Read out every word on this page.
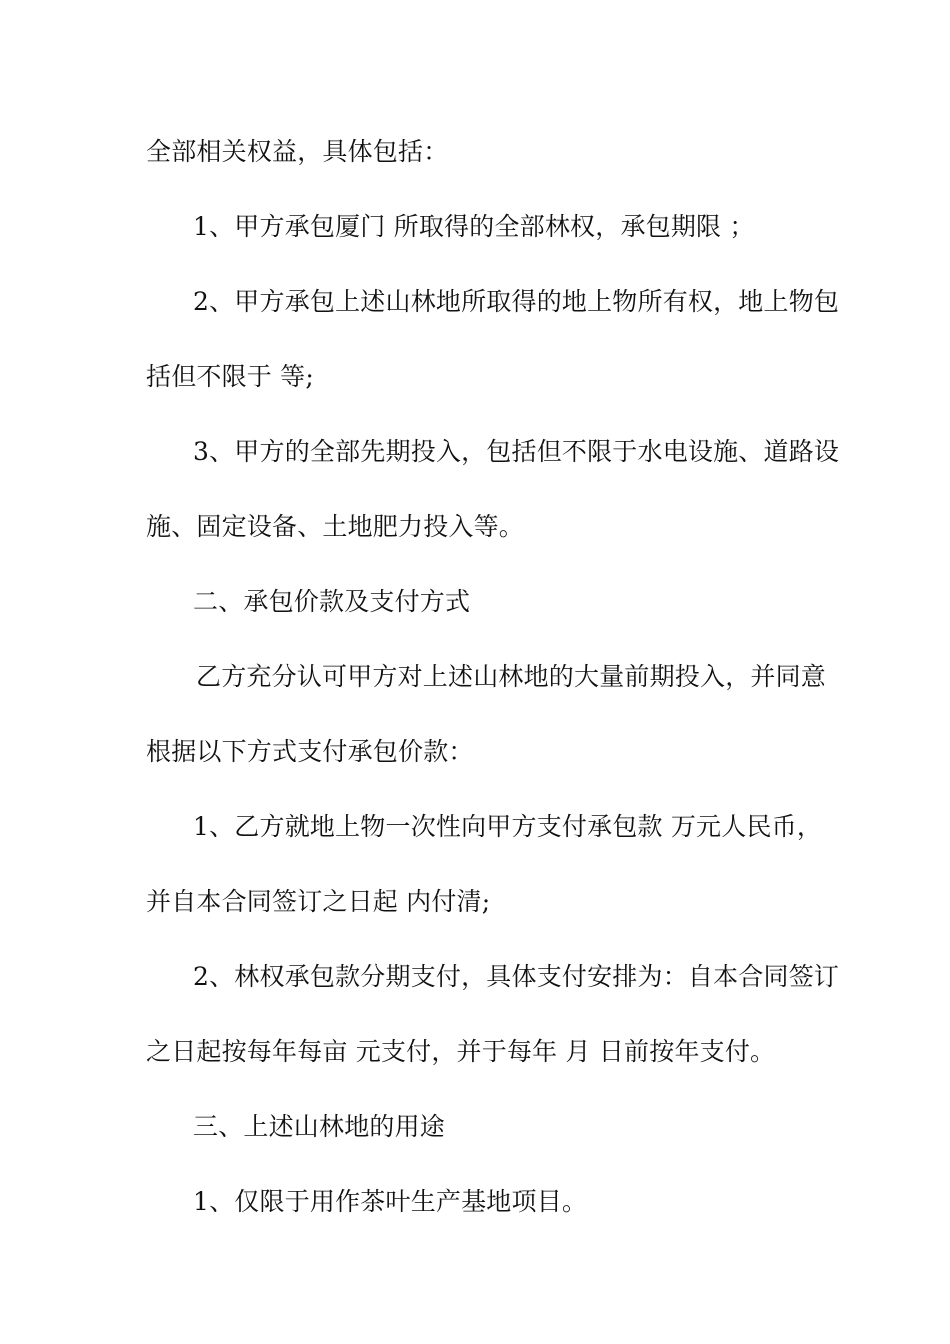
全部相关权益，具体包括：
1、甲方承包厦门 所取得的全部林权，承包期限 ；
2、甲方承包上述山林地所取得的地上物所有权，地上物包
括但不限于 等;
3、甲方的全部先期投入，包括但不限于水电设施、道路设
施、固定设备、土地肥力投入等。
二、承包价款及支付方式
乙方充分认可甲方对上述山林地的大量前期投入，并同意
根据以下方式支付承包价款：
1、乙方就地上物一次性向甲方支付承包款 万元人民币，
并自本合同签订之日起 内付清;
2、林权承包款分期支付，具体支付安排为：自本合同签订
之日起按每年每亩 元支付，并于每年 月 日前按年支付。
三、上述山林地的用途
1、仅限于用作茶叶生产基地项目。
